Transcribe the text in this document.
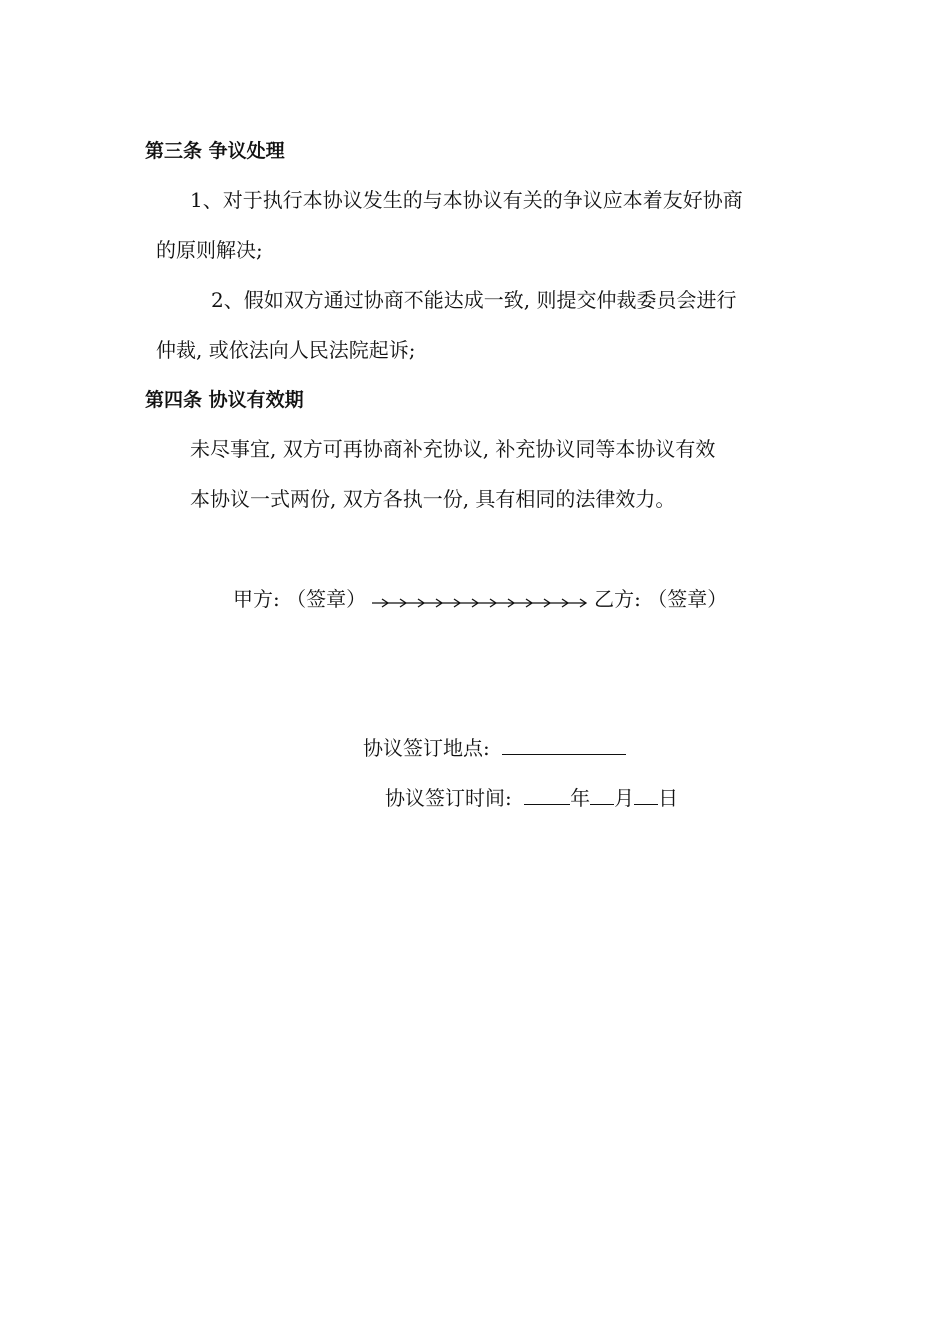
第三条 争议处理
1、对于执行本协议发生的与本协议有关的争议应本着友好协商
的原则解决;
2、假如双方通过协商不能达成一致, 则提交仲裁委员会进行
仲裁, 或依法向人民法院起诉;
第四条 协议有效期
未尽事宜, 双方可再协商补充协议, 补充协议同等本协议有效
本协议一式两份, 双方各执一份, 具有相同的法律效力。
甲方: （签章）	乙方: （签章）
协议签订地点:
协议签订时间:	年 月 日
